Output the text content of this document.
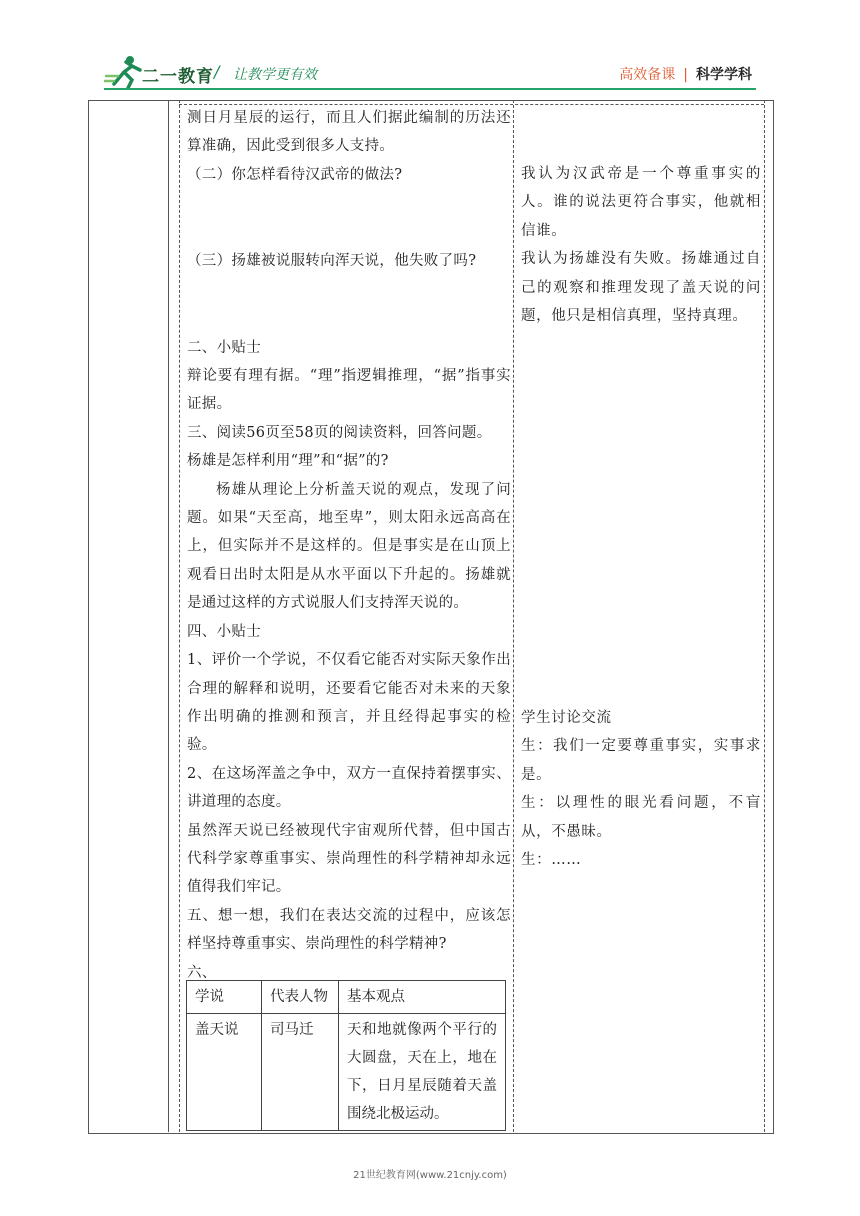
二一教育 / 让教学更有效	高效备课 | 科学学科

测日月星辰的运行，而且人们据此编制的历法还算准确，因此受到很多人支持。

（二）你怎样看待汉武帝的做法?

（三）扬雄被说服转向浑天说，他失败了吗?

二、小贴士

辩论要有理有据。“理”指逻辑推理，“据”指事实证据。

三、阅读56页至58页的阅读资料，回答问题。

杨雄是怎样利用“理”和“据”的?

杨雄从理论上分析盖天说的观点，发现了问题。如果“天至高，地至卑”，则太阳永远高高在上，但实际并不是这样的。但是事实是在山顶上观看日出时太阳是从水平面以下升起的。扬雄就是通过这样的方式说服人们支持浑天说的。

四、小贴士

1、评价一个学说，不仅看它能否对实际天象作出合理的解释和说明，还要看它能否对未来的天象作出明确的推测和预言，并且经得起事实的检验。

2、在这场浑盖之争中，双方一直保持着摆事实、讲道理的态度。

虽然浑天说已经被现代宇宙观所代替，但中国古代科学家尊重事实、崇尚理性的科学精神却永远值得我们牢记。

五、想一想，我们在表达交流的过程中，应该怎样坚持尊重事实、崇尚理性的科学精神?

六、

我认为汉武帝是一个尊重事实的人。谁的说法更符合事实，他就相信谁。

我认为扬雄没有失败。扬雄通过自己的观察和推理发现了盖天说的问题，他只是相信真理，坚持真理。

学生讨论交流

生：我们一定要尊重事实，实事求是。

生：以理性的眼光看问题，不盲从，不愚昧。

生：……

学说	代表人物	基本观点
盖天说	司马迁	天和地就像两个平行的大圆盘，天在上，地在下，日月星辰随着天盖围绕北极运动。
21世纪教育网(www.21cnjy.com)
